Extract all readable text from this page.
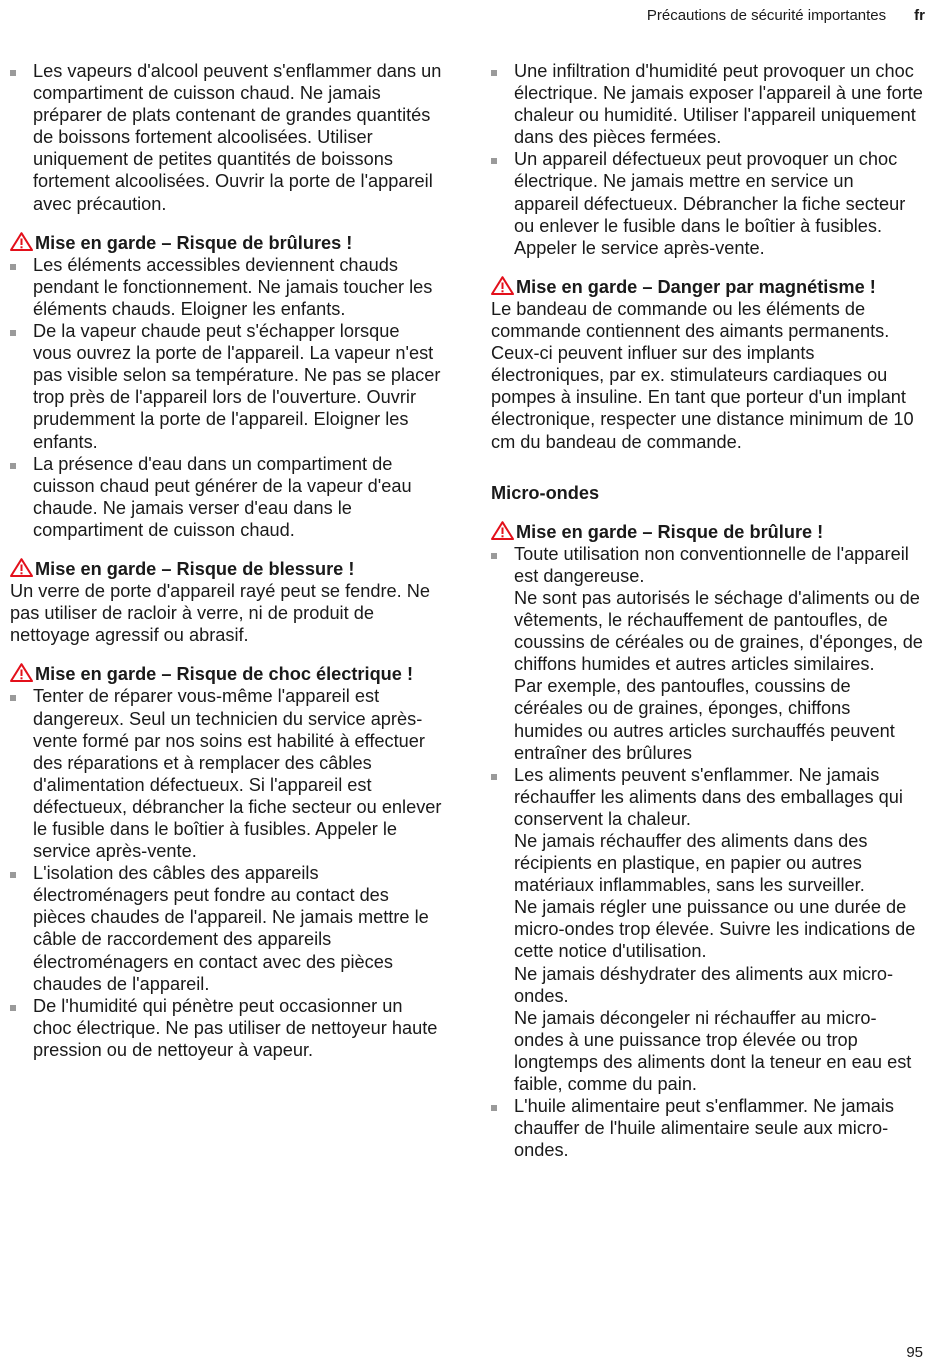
Précautions de sécurité importantes fr
Les vapeurs d'alcool peuvent s'enflammer dans un compartiment de cuisson chaud. Ne jamais préparer de plats contenant de grandes quantités de boissons fortement alcoolisées. Utiliser uniquement de petites quantités de boissons fortement alcoolisées. Ouvrir la porte de l'appareil avec précaution.
Mise en garde – Risque de brûlures !
Les éléments accessibles deviennent chauds pendant le fonctionnement. Ne jamais toucher les éléments chauds. Eloigner les enfants.
De la vapeur chaude peut s'échapper lorsque vous ouvrez la porte de l'appareil. La vapeur n'est pas visible selon sa température. Ne pas se placer trop près de l'appareil lors de l'ouverture. Ouvrir prudemment la porte de l'appareil. Eloigner les enfants.
La présence d'eau dans un compartiment de cuisson chaud peut générer de la vapeur d'eau chaude. Ne jamais verser d'eau dans le compartiment de cuisson chaud.
Mise en garde – Risque de blessure !

Un verre de porte d'appareil rayé peut se fendre. Ne pas utiliser de racloir à verre, ni de produit de nettoyage agressif ou abrasif.

Mise en garde – Risque de choc électrique !
Tenter de réparer vous-même l'appareil est dangereux. Seul un technicien du service après-vente formé par nos soins est habilité à effectuer des réparations et à remplacer des câbles d'alimentation défectueux. Si l'appareil est défectueux, débrancher la fiche secteur ou enlever le fusible dans le boîtier à fusibles. Appeler le service après-vente.
L'isolation des câbles des appareils électroménagers peut fondre au contact des pièces chaudes de l'appareil. Ne jamais mettre le câble de raccordement des appareils électroménagers en contact avec des pièces chaudes de l'appareil.
De l'humidité qui pénètre peut occasionner un choc électrique. Ne pas utiliser de nettoyeur haute pression ou de nettoyeur à vapeur.
Une infiltration d'humidité peut provoquer un choc électrique. Ne jamais exposer l'appareil à une forte chaleur ou humidité. Utiliser l'appareil uniquement dans des pièces fermées.
Un appareil défectueux peut provoquer un choc électrique. Ne jamais mettre en service un appareil défectueux. Débrancher la fiche secteur ou enlever le fusible dans le boîtier à fusibles. Appeler le service après-vente.
Mise en garde – Danger par magnétisme !

Le bandeau de commande ou les éléments de commande contiennent des aimants permanents. Ceux-ci peuvent influer sur des implants électroniques, par ex. stimulateurs cardiaques ou pompes à insuline. En tant que porteur d'un implant électronique, respecter une distance minimum de 10 cm du bandeau de commande.

Micro-ondes
Mise en garde – Risque de brûlure !
Toute utilisation non conventionnelle de l'appareil est dangereuse.
Ne sont pas autorisés le séchage d'aliments ou de vêtements, le réchauffement de pantoufles, de coussins de céréales ou de graines, d'éponges, de chiffons humides et autres articles similaires.
Par exemple, des pantoufles, coussins de céréales ou de graines, éponges, chiffons humides ou autres articles surchauffés peuvent entraîner des brûlures
Les aliments peuvent s'enflammer. Ne jamais réchauffer les aliments dans des emballages qui conservent la chaleur.
Ne jamais réchauffer des aliments dans des récipients en plastique, en papier ou autres matériaux inflammables, sans les surveiller.
Ne jamais régler une puissance ou une durée de micro-ondes trop élevée. Suivre les indications de cette notice d'utilisation.
Ne jamais déshydrater des aliments aux micro-ondes.
Ne jamais décongeler ni réchauffer au micro-ondes à une puissance trop élevée ou trop longtemps des aliments dont la teneur en eau est faible, comme du pain.
L'huile alimentaire peut s'enflammer. Ne jamais chauffer de l'huile alimentaire seule aux micro-ondes.
95
